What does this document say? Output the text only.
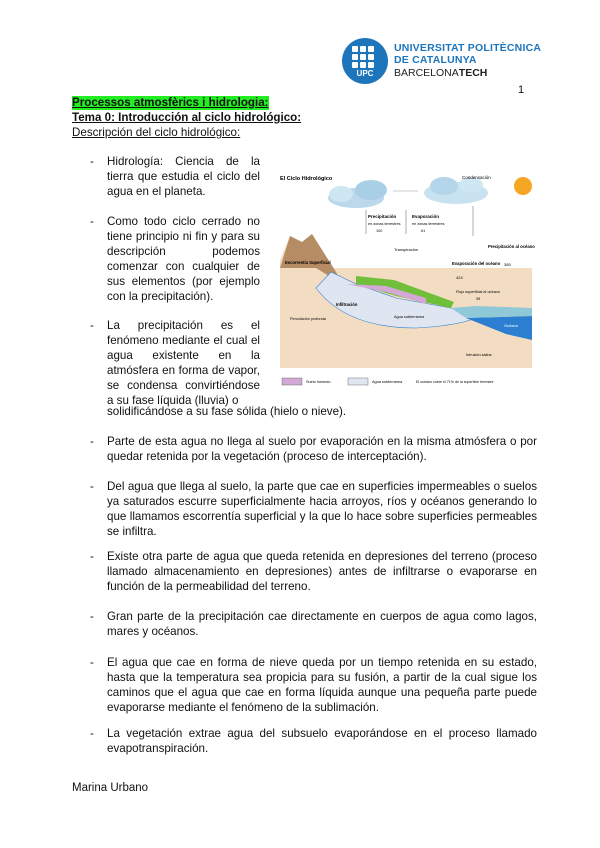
UPC
UNIVERSITAT POLITÈCNICA
DE CATALUNYA
BARCELONATECH
1
Processos atmosfèrics i hidrologia:
Tema 0: Introducción al ciclo hidrológico:
Descripción del ciclo hidrológico:
- Hidrología: Ciencia de la tierra que estudia el ciclo del agua en el planeta.
- Como todo ciclo cerrado no tiene principio ni fin y para su descripción podemos comenzar con cualquier de sus elementos (por ejemplo con la precipitación).
- La precipitación es el fenómeno mediante el cual el agua existente en la atmósfera en forma de vapor, se condensa convirtiéndose a su fase líquida (lluvia) o
solidificándose a su fase sólida (hielo o nieve).
- Parte de esta agua no llega al suelo por evaporación en la misma atmósfera o por quedar retenida por la vegetación (proceso de interceptación).
- Del agua que llega al suelo, la parte que cae en superficies impermeables o suelos ya saturados escurre superficialmente hacia arroyos, ríos y océanos generando lo que llamamos escorrentía superficial y la que lo hace sobre superficies permeables se infiltra.
- Existe otra parte de agua que queda retenida en depresiones del terreno (proceso llamado almacenamiento en depresiones) antes de infiltrarse o evaporarse en función de la permeabilidad del terreno.
- Gran parte de la precipitación cae directamente en cuerpos de agua como lagos, mares y océanos.
- El agua que cae en forma de nieve queda por un tiempo retenida en su estado, hasta que la temperatura sea propicia para su fusión, a partir de la cual sigue los caminos que el agua que cae en forma líquida aunque una pequeña parte puede evaporarse mediante el fenómeno de la sublimación.
- La vegetación extrae agua del subsuelo evaporándose en el proceso llamado evapotranspiración.
El Ciclo Hidrológico	Condensación
Precipitación
en zonas terrestres
100
Evaporación
en zonas terrestres
61
Precipitación al océano
385
Transpiración
Evaporación del océano
424
Océano
Escorrentía Superficial
Infiltración
Agua subterránea
Flujo superficial al océano
39
Percolación profunda
Intrusión salina
Suelo húmedo	Agua subterránea	El océano cubre el 71% de la superficie terrestre
Marina Urbano
